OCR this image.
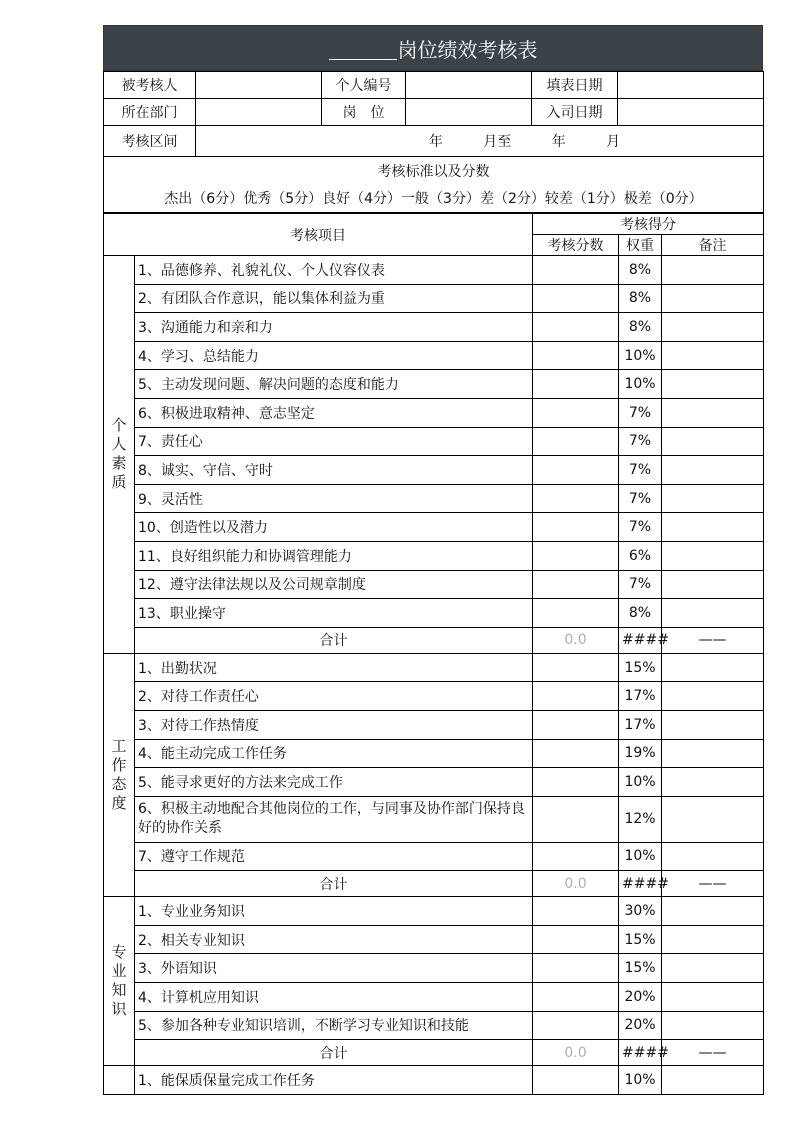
岗位绩效考核表
被考核人		个人编号		填表日期	
所在部门		岗　位		入司日期	
考核区间	年 月至 年 月				
考核标准以及分数					
杰出（6分）优秀（5分）良好（4分）一般（3分）差（2分）较差（1分）极差（0分）					
考核项目		考核得分		
		考核分数	权重	备注

个人素质	1、品德修养、礼貌礼仪、个人仪容仪表		8%	
	2、有团队合作意识，能以集体利益为重		8%	
	3、沟通能力和亲和力		8%	
	4、学习、总结能力		10%	
	5、主动发现问题、解决问题的态度和能力		10%	
	6、积极进取精神、意志坚定		7%	
	7、责任心		7%	
	8、诚实、守信、守时		7%	
	9、灵活性		7%	
	10、创造性以及潜力		7%	
	11、良好组织能力和协调管理能力		6%	
	12、遵守法律法规以及公司规章制度		7%	
	13、职业操守		8%	
	合计	0.0	####	——

工作态度	1、出勤状况		15%	
	2、对待工作责任心		17%	
	3、对待工作热情度		17%	
	4、能主动完成工作任务		19%	
	5、能寻求更好的方法来完成工作		10%	
	6、积极主动地配合其他岗位的工作，与同事及协作部门保持良好的协作关系		12%	
	7、遵守工作规范		10%	
	合计	0.0	####	——

专业知识	1、专业业务知识		30%	
	2、相关专业知识		15%	
	3、外语知识		15%	
	4、计算机应用知识		20%	
	5、参加各种专业知识培训，不断学习专业知识和技能		20%	
	合计	0.0	####	——

	1、能保质保量完成工作任务		10%	
